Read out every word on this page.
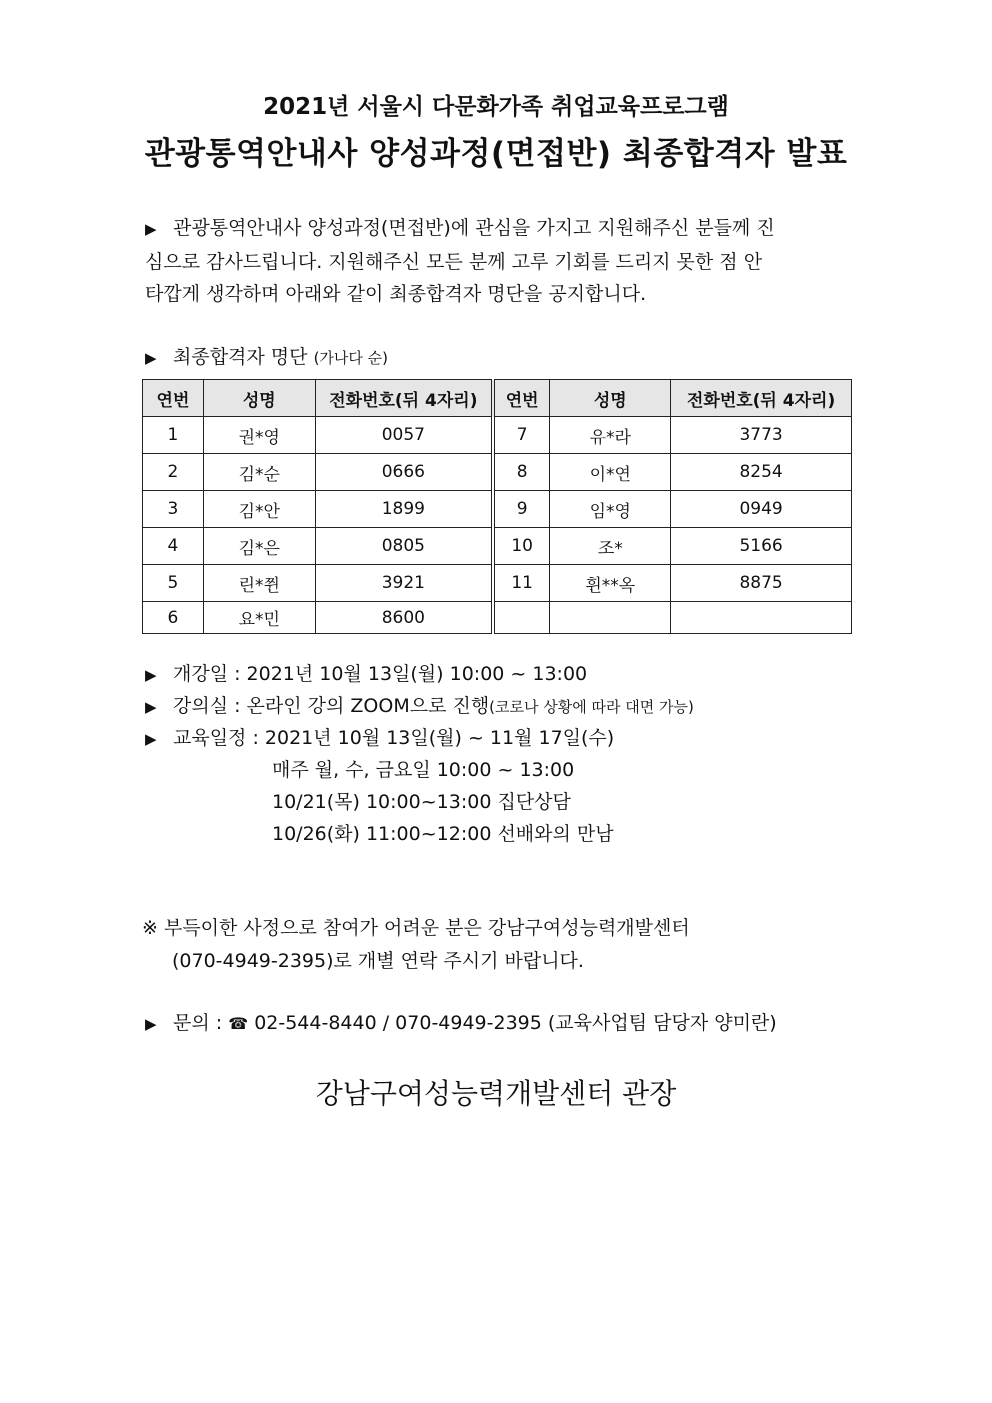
2021년 서울시 다문화가족 취업교육프로그램
관광통역안내사 양성과정(면접반) 최종합격자 발표
▶ 관광통역안내사 양성과정(면접반)에 관심을 가지고 지원해주신 분들께 진
심으로 감사드립니다. 지원해주신 모든 분께 고루 기회를 드리지 못한 점 안
타깝게 생각하며 아래와 같이 최종합격자 명단을 공지합니다.
▶ 최종합격자 명단 (가나다 순)
연번	성명	전화번호(뒤 4자리)	연번	성명	전화번호(뒤 4자리)
1	권*영	0057	7	유*라	3773
2	김*순	0666	8	이*연	8254
3	김*안	1899	9	임*영	0949
4	김*은	0805	10	조*	5166
5	린*쮠	3921	11	휜**옥	8875
6	요*민	8600			
▶ 개강일 : 2021년 10월 13일(월) 10:00 ~ 13:00
▶ 강의실 : 온라인 강의 ZOOM으로 진행(코로나 상황에 따라 대면 가능)
▶ 교육일정 : 2021년 10월 13일(월) ~ 11월 17일(수)
매주 월, 수, 금요일 10:00 ~ 13:00
10/21(목) 10:00~13:00 집단상담
10/26(화) 11:00~12:00 선배와의 만남
※ 부득이한 사정으로 참여가 어려운 분은 강남구여성능력개발센터
(070-4949-2395)로 개별 연락 주시기 바랍니다.
▶ 문의 : ☎ 02-544-8440 / 070-4949-2395 (교육사업팀 담당자 양미란)
강남구여성능력개발센터 관장
